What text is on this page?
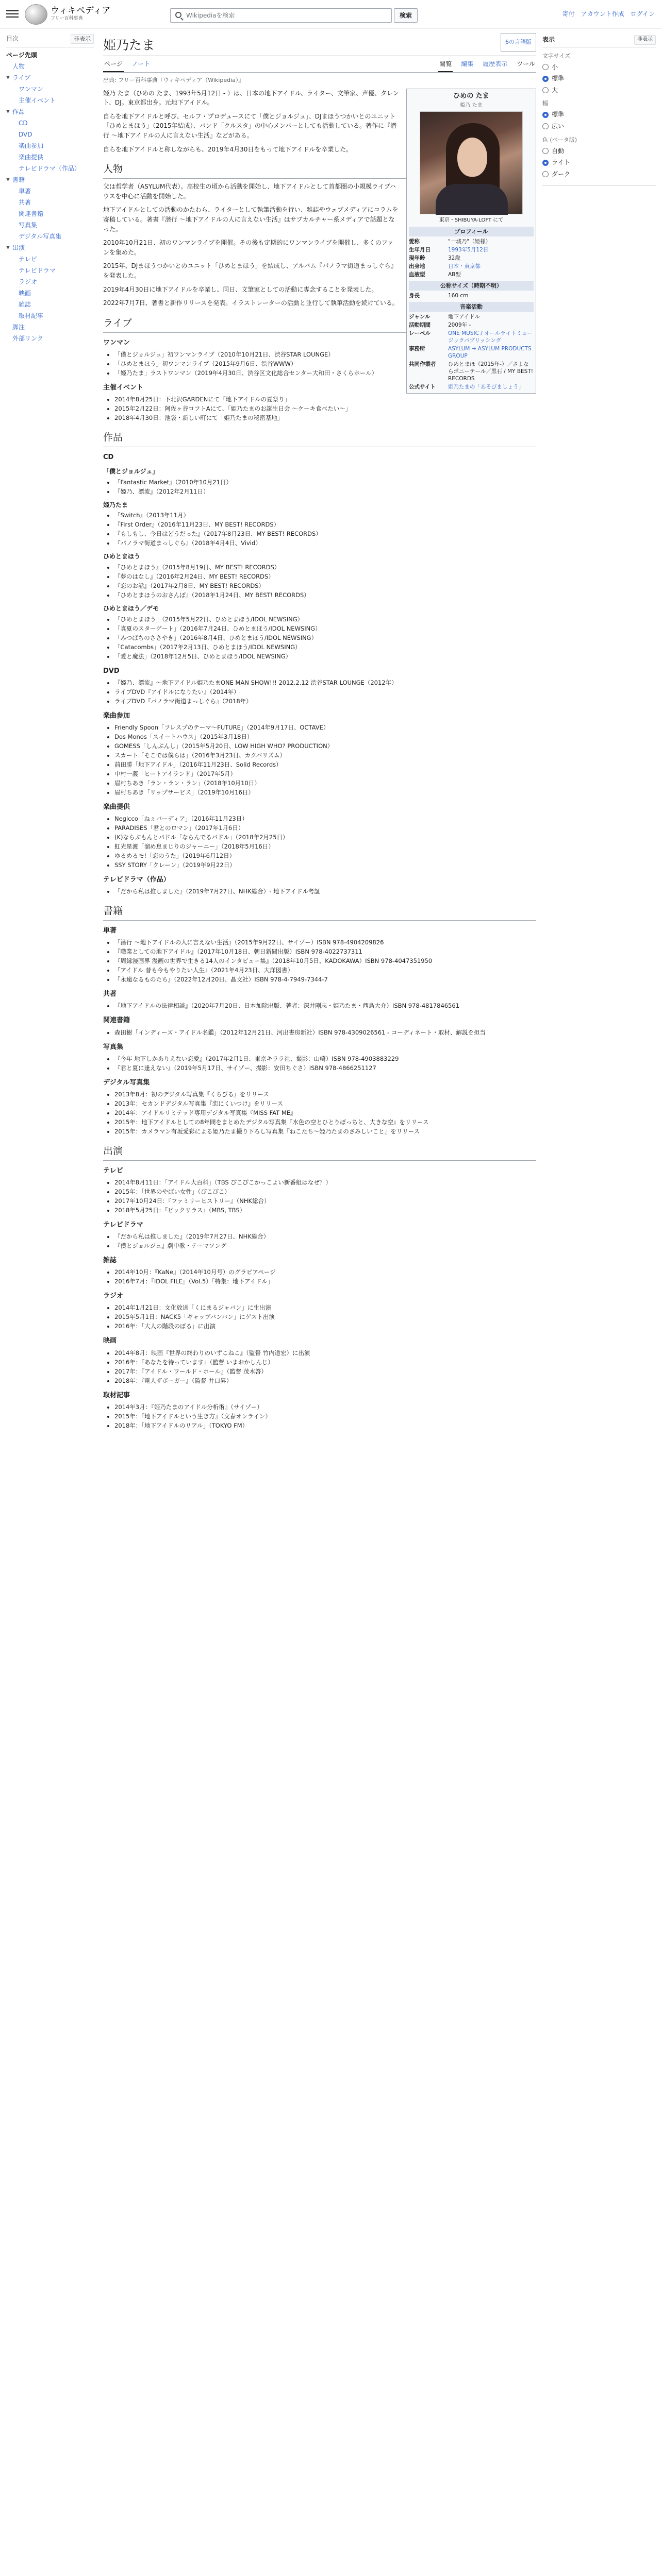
ウィキペディア
フリー百科事典	Wikipediaを検索	検索	寄付 アカウント作成 ログイン
目次	非表示
ページ先頭
人物
▼ ライブ
ワンマン
主催イベント
▼ 作品
CD
DVD
楽曲参加
楽曲提供
テレビドラマ（作品）
▼ 書籍
単著
共著
関連書籍
写真集
デジタル写真集
▼ 出演
テレビ
テレビドラマ
ラジオ
映画
雑誌
取材記事
脚注
外部リンク
表示	非表示
文字サイズ
小
標準
大
幅
標準
広い
色 (ベータ版)
自動
ライト
ダーク
姫乃たま	6の言語版
ページ ノート	閲覧 編集 履歴表示 ツール
出典: フリー百科事典『ウィキペディア（Wikipedia）』
ひめの たま
姫乃 たま
東京・SHIBUYA-LOFT にて
プロフィール
愛称	"一城乃"（姫様）
生年月日	1993年5月12日
現年齢	32歳
出身地	日本・東京都
血液型	AB型
公称サイズ（時期不明）
身長	160 cm
音楽活動
ジャンル	地下アイドル
活動期間	2009年 -
レーベル	ONE MUSIC / オールライトミュージックパブリッシング
事務所	ASYLUM → ASYLUM PRODUCTS GROUP
共同作業者	ひめとまほ（2015年-）／さよならポニーテール／黒石 / MY BEST! RECORDS
公式サイト	姫乃たまの「あそびましょう」

姫乃 たま（ひめの たま、1993年5月12日 - ）は、日本の地下アイドル、ライター、文筆家、声優、タレント、DJ。東京都出身。元地下アイドル。

自らを地下アイドルと呼び、セルフ・プロデュースにて「僕とジョルジュ」、DJまほうつかいとのユニット「ひめとまほう」（2015年結成）、バンド「クルスタ」の中心メンバーとしても活動している。著作に『潜行 〜地下アイドルの人に言えない生活』などがある。

自らを地下アイドルと称しながらも、2019年4月30日をもって地下アイドルを卒業した。

人物

父は哲学者（ASYLUM代表）。高校生の頃から活動を開始し、地下アイドルとして首都圏の小規模ライブハウスを中心に活動を開始した。

地下アイドルとしての活動のかたわら、ライターとして執筆活動を行い、雑誌やウェブメディアにコラムを寄稿している。著書『潜行 〜地下アイドルの人に言えない生活』はサブカルチャー系メディアで話題となった。

2010年10月21日、初のワンマンライブを開催。その後も定期的にワンマンライブを開催し、多くのファンを集めた。

2015年、DJまほうつかいとのユニット「ひめとまほう」を結成し、アルバム『パノラマ街道まっしぐら』を発表した。

2019年4月30日に地下アイドルを卒業し、同日、文筆家としての活動に専念することを発表した。

2022年7月7日、著書と新作リリースを発表。イラストレーターの活動と並行して執筆活動を続けている。

ライブ
ワンマン
• 「僕とジョルジュ」初ワンマンライブ（2010年10月21日、渋谷STAR LOUNGE）
• 「ひめとまほう」初ワンマンライブ（2015年9月6日、渋谷WWW）
• 「姫乃たま」ラストワンマン（2019年4月30日、渋谷区文化総合センター大和田・さくらホール）
主催イベント
• 2014年8月25日：下北沢GARDENにて「地下アイドルの夏祭り」
• 2015年2月22日：阿佐ヶ谷ロフトAにて、「姫乃たまのお誕生日会 〜ケーキ食べたい〜」
• 2018年4月30日：池袋・新しい町にて「姫乃たまの秘密基地」
作品
CD
「僕とジョルジュ」
• 『Fantastic Market』（2010年10月21日）
• 『姫乃、漂流』（2012年2月11日）
姫乃たま
• 『Switch』（2013年11月）
• 『First Order』（2016年11月23日、MY BEST! RECORDS）
• 『もしもし、今日はどうだった』（2017年8月23日、MY BEST! RECORDS）
• 『パノラマ街道まっしぐら』（2018年4月4日、Vivid）
ひめとまほう
• 『ひめとまほう』（2015年8月19日、MY BEST! RECORDS）
• 『夢のはなし』（2016年2月24日、MY BEST! RECORDS）
• 『恋のお話』（2017年2月8日、MY BEST! RECORDS）
• 『ひめとまほうのおさんぽ』（2018年1月24日、MY BEST! RECORDS）
ひめとまほう／デモ
• 「ひめとまほう」（2015年5月22日、ひめとまほう/IDOL NEWSING）
• 「真夏のスターゲート」（2016年7月24日、ひめとまほう/IDOL NEWSING）
• 「みつばちのささやき」（2016年8月4日、ひめとまほう/IDOL NEWSING）
• 「Catacombs」（2017年2月13日、ひめとまほう/IDOL NEWSING）
• 「愛と魔法」（2018年12月5日、ひめとまほう/IDOL NEWSING）
DVD
• 『姫乃、漂流』〜地下アイドル姫乃たまONE MAN SHOW!!! 2012.2.12 渋谷STAR LOUNGE（2012年）
• ライブDVD『アイドルになりたい』（2014年）
• ライブDVD『パノラマ街道まっしぐら』（2018年）
楽曲参加
• Friendly Spoon「フレスプのテーマ〜FUTURE」（2014年9月17日、OCTAVE）
• Dos Monos「スイートハウス」（2015年3月18日）
• GOMESS「しんぶんし」（2015年5月20日、LOW HIGH WHO? PRODUCTION）
• スカート「そこでは僕らは」（2016年3月23日、カクバリズム）
• 前田勝「地下アイドル」（2016年11月23日、Solid Records）
• 中村一義「ヒートアイランド」（2017年5月）
• 眉村ちあき「ラン・ラン・ラン」（2018年10月10日）
• 眉村ちあき「リップサービス」（2019年10月16日）
楽曲提供
• Negicco「ねぇバーディア」（2016年11月23日）
• PARADISES「君とのロマン」（2017年1月6日）
• (K)ならぶもんとパドル「ならんでるパドル」（2018年2月25日）
• 虹光星渡「溜め息まじりのジャーニー」（2018年5月16日）
• ゆるめるモ!「恋のうた」（2019年6月12日）
• SSY STORY「クレーン」（2019年9月22日）
テレビドラマ（作品）
• 『だから私は推しました』（2019年7月27日、NHK総合）- 地下アイドル考証
書籍
単著
• 『潜行 〜地下アイドルの人に言えない生活』（2015年9月22日、サイゾー）ISBN 978-4904209826
• 『職業としての地下アイドル』（2017年10月18日、朝日新聞出版）ISBN 978-4022737311
• 『周縁漫画界 漫画の世界で生きる14人のインタビュー集』（2018年10月5日、KADOKAWA）ISBN 978-4047351950
• 『アイドル 昔も今もやりたい人生』（2021年4月23日、大洋図書）
• 『永遠なるものたち』（2022年12月20日、晶文社）ISBN 978-4-7949-7344-7
共著
• 『地下アイドルの法律相談』（2020年7月20日、日本加除出版、著者：深井剛志・姫乃たま・西島大介）ISBN 978-4817846561
関連書籍
• 森田樹「インディーズ・アイドル名鑑」（2012年12月21日、河出書房新社）ISBN 978-4309026561 - コーディネート・取材、解説を担当
写真集
• 『今年 地下しかありえない恋愛』（2017年2月1日、東京キララ社、撮影：山崎）ISBN 978-4903883229
• 『君と夏に逢えない』（2019年5月17日、サイゾー、撮影：安田ちぐさ）ISBN 978-4866251127
デジタル写真集
• 2013年8月：初のデジタル写真集『くちびる』をリリース
• 2013年：セカンドデジタル写真集『恋にくいつけ』をリリース
• 2014年：アイドルリミテッド専用デジタル写真集『MISS FAT ME』
• 2015年：地下アイドルとしての8年間をまとめたデジタル写真集『水色の空とひとりぼっちと、大きな空』をリリース
• 2015年：カメラマン有坂愛彩による姫乃たま撮り下ろし写真集『ねこたち〜姫乃たまのさみしいこと』をリリース
出演
テレビ
• 2014年8月11日：「アイドル大百科」（TBS ぴこぴこかっこよい新番組はなぜ？）
• 2015年：「世界のやばい女性」（ぴこぴこ）
• 2017年10月24日：『ファミリーヒストリー』（NHK総合）
• 2018年5月25日：『ビックリラス』（MBS, TBS）
テレビドラマ
• 『だから私は推しました』（2019年7月27日、NHK総合）
• 『僕とジョルジュ』劇中歌・テーマソング
雑誌
• 2014年10月：『KaNe』（2014年10月号）のグラビアページ
• 2016年7月：『IDOL FILE』（Vol.5）「特集：地下アイドル」
ラジオ
• 2014年1月21日：文化放送「くにまるジャパン」に生出演
• 2015年5月1日：NACK5「ギャップバンバン」にゲスト出演
• 2016年：「大人の階段のぼる」に出演
映画
• 2014年8月：映画『世界の終わりのいずこねこ』（監督 竹内道宏）に出演
• 2016年：『あなたを待っています』（監督 いまおかしんじ）
• 2017年：『アイドル・ワールド・ホール』（監督 茂木啓）
• 2018年：『電人ザボーガー』（監督 井口昇）
取材記事
• 2014年3月：『姫乃たまのアイドル分析術』（サイゾー）
• 2015年：『地下アイドルという生き方』（文春オンライン）
• 2018年：「地下アイドルのリアル」（TOKYO FM）
